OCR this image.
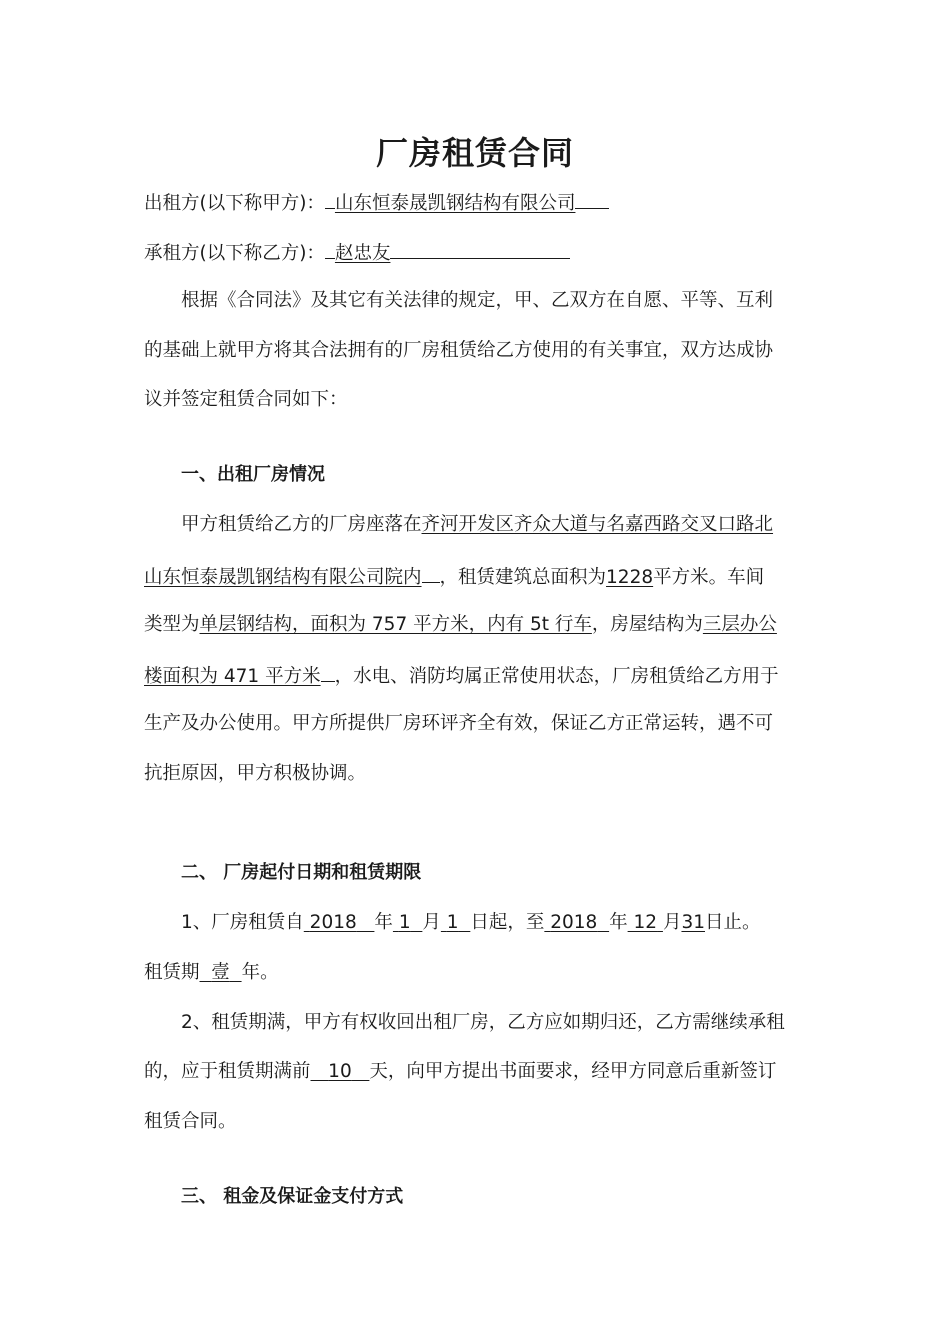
厂房租赁合同
出租方(以下称甲方)： 山东恒泰晟凯钢结构有限公司
承租方(以下称乙方)： 赵忠友
根据《合同法》及其它有关法律的规定，甲、乙双方在自愿、平等、互利
的基础上就甲方将其合法拥有的厂房租赁给乙方使用的有关事宜，双方达成协
议并签定租赁合同如下：
一、出租厂房情况
甲方租赁给乙方的厂房座落在齐河开发区齐众大道与名嘉西路交叉口路北
山东恒泰晟凯钢结构有限公司院内 ，租赁建筑总面积为1228平方米。车间
类型为单层钢结构，面积为 757 平方米，内有 5t 行车，房屋结构为三层办公
楼面积为 471 平方米 ，水电、消防均属正常使用状态，厂房租赁给乙方用于
生产及办公使用。甲方所提供厂房环评齐全有效，保证乙方正常运转，遇不可
抗拒原因，甲方积极协调。
二、 厂房起付日期和租赁期限
1、厂房租赁自 2018 年 1 月 1 日起，至 2018 年 12 月31日止。
租赁期 壹 年。
2、租赁期满，甲方有权收回出租厂房，乙方应如期归还，乙方需继续承租
的，应于租赁期满前 10 天，向甲方提出书面要求，经甲方同意后重新签订
租赁合同。
三、 租金及保证金支付方式
